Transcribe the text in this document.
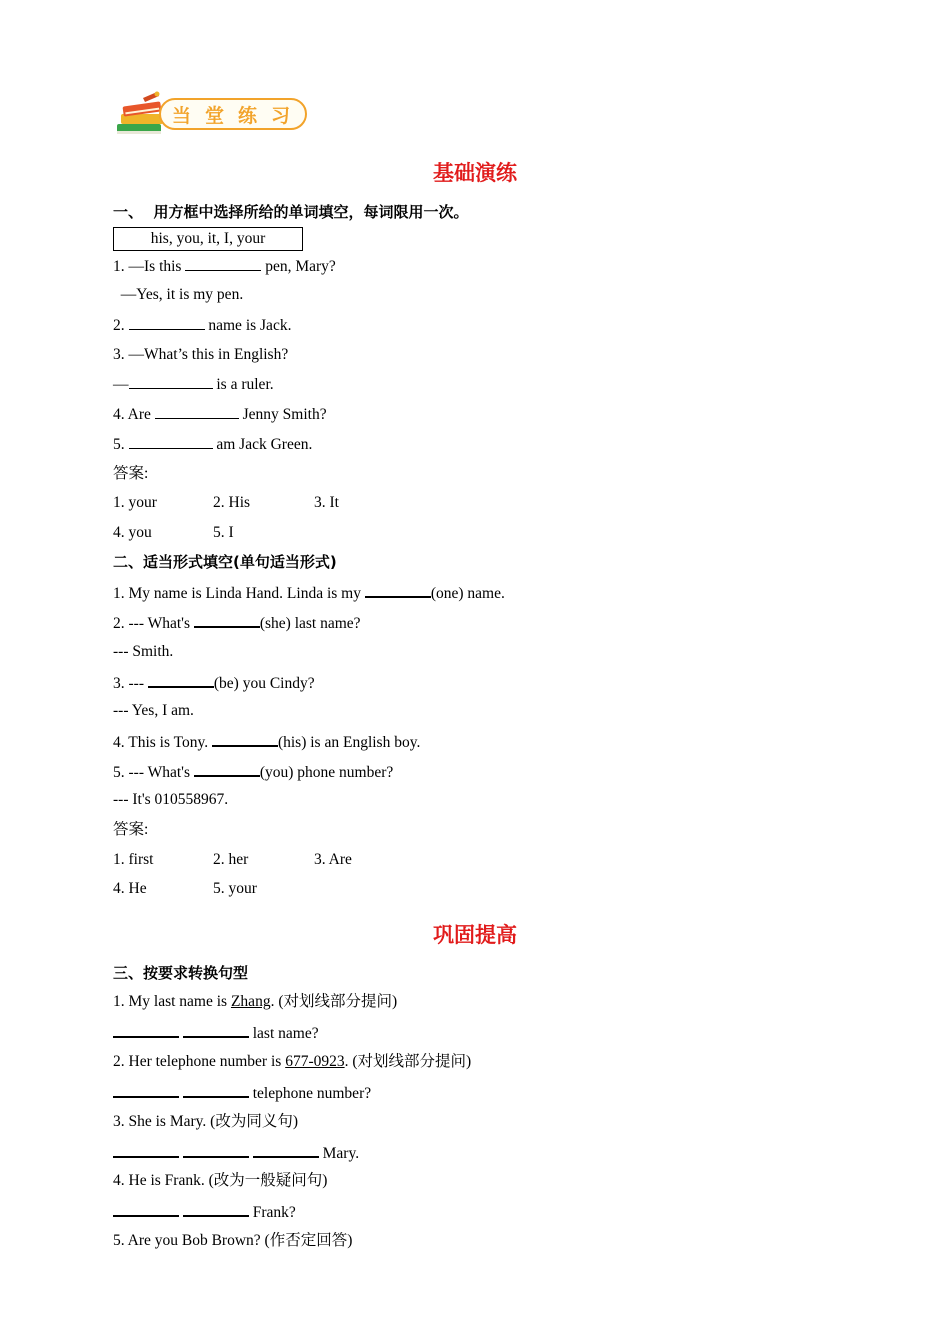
当堂练习
基础演练
一、  用方框中选择所给的单词填空，每词限用一次。
his, you, it, I, your
1. —Is this	pen, Mary?
—Yes, it is my pen.
2.	name is Jack.
3. —What’s this in English?
—	is a ruler.
4. Are	Jenny Smith?
5.	am Jack Green.
答案:
1. your	2. His	3. It
4. you	5. I
二、适当形式填空(单句适当形式)
1. My name is Linda Hand. Linda is my	(one) name.
2. --- What's	(she) last name?
--- Smith.
3. ---	(be) you Cindy?
--- Yes, I am.
4. This is Tony.	(his) is an English boy.
5. --- What's	(you) phone number?
--- It's 010558967.
答案:
1. first	2. her	3. Are
4. He	5. your
巩固提高
三、按要求转换句型
1. My last name is Zhang. (对划线部分提问)
last name?
2. Her telephone number is 677-0923. (对划线部分提问)
telephone number?
3. She is Mary. (改为同义句)
Mary.
4. He is Frank. (改为一般疑问句)
Frank?
5. Are you Bob Brown? (作否定回答)
